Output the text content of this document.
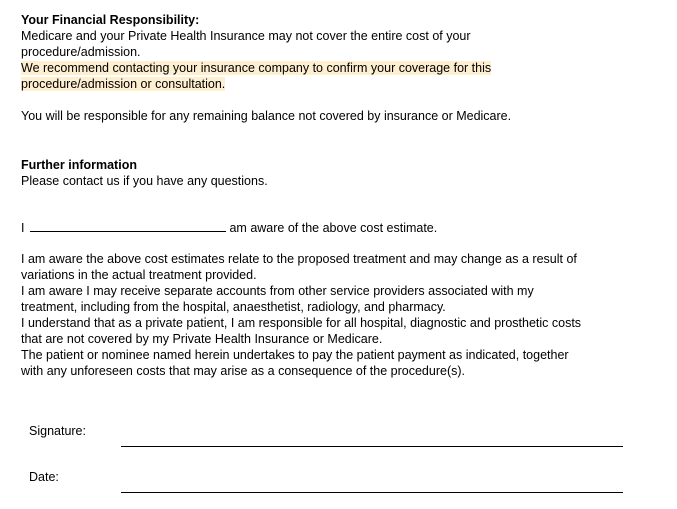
Your Financial Responsibility:
Medicare and your Private Health Insurance may not cover the entire cost of your
procedure/admission.
We recommend contacting your insurance company to confirm your coverage for this
procedure/admission or consultation.
You will be responsible for any remaining balance not covered by insurance or Medicare.
Further information
Please contact us if you have any questions.
I	am aware of the above cost estimate.
I am aware the above cost estimates relate to the proposed treatment and may change as a result of
variations in the actual treatment provided.
I am aware I may receive separate accounts from other service providers associated with my
treatment, including from the hospital, anaesthetist, radiology, and pharmacy.
I understand that as a private patient, I am responsible for all hospital, diagnostic and prosthetic costs
that are not covered by my Private Health Insurance or Medicare.
The patient or nominee named herein undertakes to pay the patient payment as indicated, together
with any unforeseen costs that may arise as a consequence of the procedure(s).
Signature:
Date:
